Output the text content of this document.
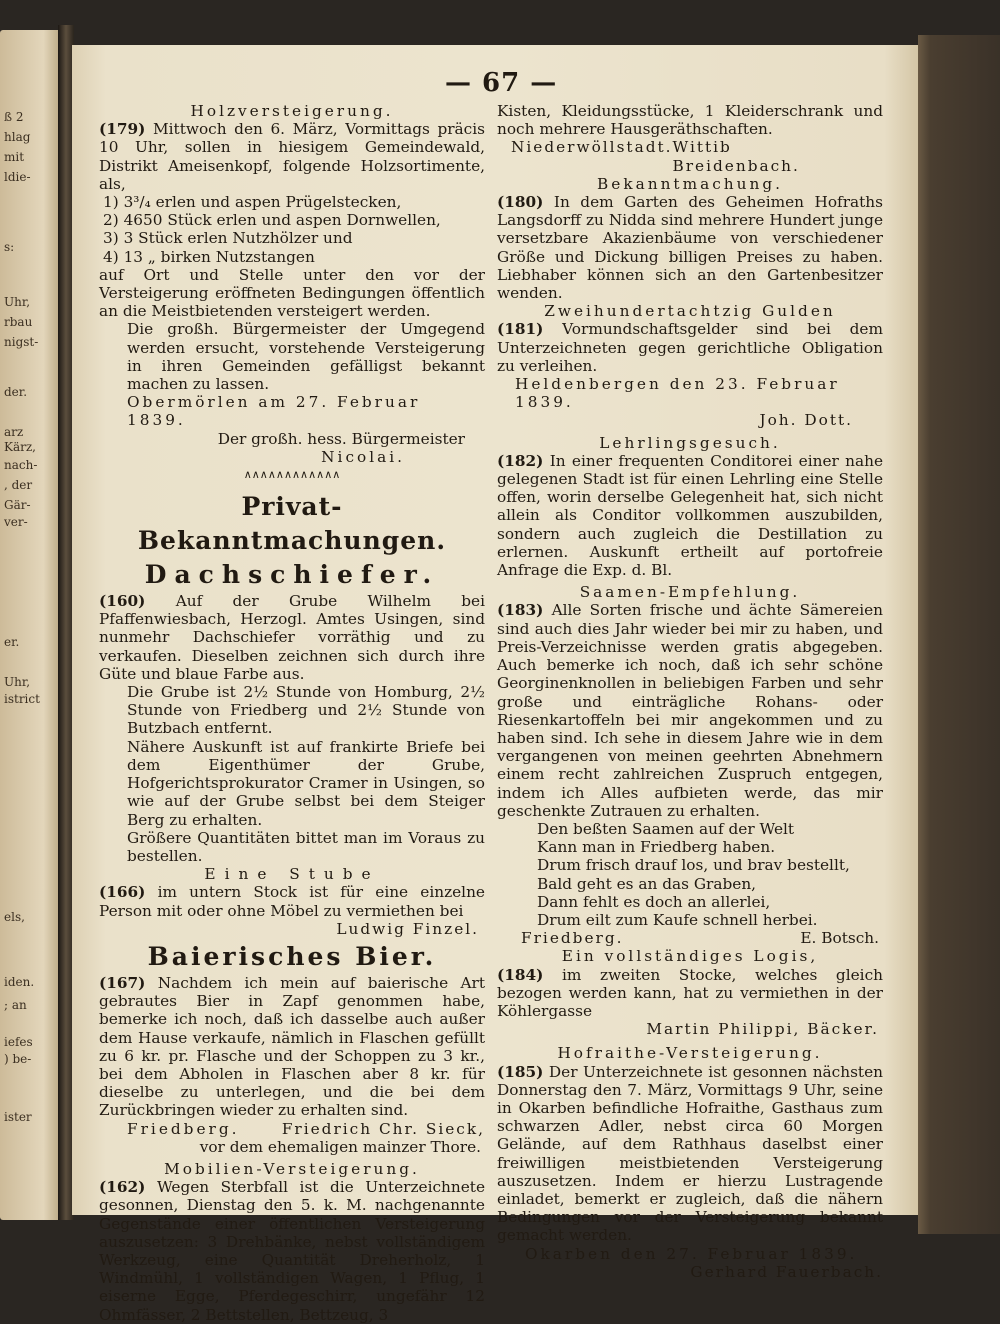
ß 2
hlag
mit
ldie-
s:
Uhr,
rbau
nigst-
der.
arz
Kärz,
nach-
, der
Gär-
ver-
er.
Uhr,
istrict
els,
iden.
; an
iefes
) be-
ister
— 67 —
Holzversteigerung.

(179) Mittwoch den 6. März, Vormittags präcis 10 Uhr, sollen in hiesigem Gemeindewald, Distrikt Ameisenkopf, folgende Holzsortimente, als,

1) 3³/₄ erlen und aspen Prügelstecken,
2) 4650 Stück erlen und aspen Dornwellen,
3) 3 Stück erlen Nutzhölzer und
4) 13 „ birken Nutzstangen

auf Ort und Stelle unter den vor der Versteigerung eröffneten Bedingungen öffentlich an die Meistbietenden versteigert werden.

Die großh. Bürgermeister der Umgegend werden ersucht, vorstehende Versteigerung in ihren Gemeinden gefälligst bekannt machen zu lassen.

Obermörlen am 27. Februar 1839.
Der großh. hess. Bürgermeister
Nicolai.
∧∧∧∧∧∧∧∧∧∧∧∧
Privat-Bekanntmachungen.
Dachschiefer.

(160) Auf der Grube Wilhelm bei Pfaffenwiesbach, Herzogl. Amtes Usingen, sind nunmehr Dachschiefer vorräthig und zu verkaufen. Dieselben zeichnen sich durch ihre Güte und blaue Farbe aus.

Die Grube ist 2½ Stunde von Homburg, 2½ Stunde von Friedberg und 2½ Stunde von Butzbach entfernt.

Nähere Auskunft ist auf frankirte Briefe bei dem Eigenthümer der Grube, Hofgerichtsprokurator Cramer in Usingen, so wie auf der Grube selbst bei dem Steiger Berg zu erhalten.

Größere Quantitäten bittet man im Voraus zu bestellen.

Eine Stube

(166) im untern Stock ist für eine einzelne Person mit oder ohne Möbel zu vermiethen bei

Ludwig Finzel.
Baierisches Bier.

(167) Nachdem ich mein auf baierische Art gebrautes Bier in Zapf genommen habe, bemerke ich noch, daß ich dasselbe auch außer dem Hause verkaufe, nämlich in Flaschen gefüllt zu 6 kr. pr. Flasche und der Schoppen zu 3 kr., bei dem Abholen in Flaschen aber 8 kr. für dieselbe zu unterlegen, und die bei dem Zurückbringen wieder zu erhalten sind.

Friedberg.	Friedrich Chr. Sieck,
vor dem ehemaligen mainzer Thore.
Mobilien-Versteigerung.

(162) Wegen Sterbfall ist die Unterzeichnete gesonnen, Dienstag den 5. k. M. nachgenannte Gegenstände einer öffentlichen Versteigerung auszusetzen: 3 Drehbänke, nebst vollständigem Werkzeug, eine Quantität Dreherholz, 1 Windmühl, 1 vollständigen Wagen, 1 Pflug, 1 eiserne Egge, Pferdegeschirr, ungefähr 12 Ohmfässer, 2 Bettstellen, Bettzeug, 3

Kisten, Kleidungsstücke, 1 Kleiderschrank und noch mehrere Hausgeräthschaften.

Niederwöllstadt. Wittib Breidenbach.
Bekanntmachung.

(180) In dem Garten des Geheimen Hofraths Langsdorff zu Nidda sind mehrere Hundert junge versetzbare Akazienbäume von verschiedener Größe und Dickung billigen Preises zu haben. Liebhaber können sich an den Gartenbesitzer wenden.

Zweihundertachtzig Gulden

(181) Vormundschaftsgelder sind bei dem Unterzeichneten gegen gerichtliche Obligation zu verleihen.

Heldenbergen den 23. Februar 1839.
Joh. Dott.
Lehrlingsgesuch.

(182) In einer frequenten Conditorei einer nahe gelegenen Stadt ist für einen Lehrling eine Stelle offen, worin derselbe Gelegenheit hat, sich nicht allein als Conditor vollkommen auszubilden, sondern auch zugleich die Destillation zu erlernen. Auskunft ertheilt auf portofreie Anfrage die Exp. d. Bl.

Saamen-Empfehlung.

(183) Alle Sorten frische und ächte Sämereien sind auch dies Jahr wieder bei mir zu haben, und Preis-Verzeichnisse werden gratis abgegeben. Auch bemerke ich noch, daß ich sehr schöne Georginenknollen in beliebigen Farben und sehr große und einträgliche Rohans- oder Riesenkartoffeln bei mir angekommen und zu haben sind. Ich sehe in diesem Jahre wie in dem vergangenen von meinen geehrten Abnehmern einem recht zahlreichen Zuspruch entgegen, indem ich Alles aufbieten werde, das mir geschenkte Zutrauen zu erhalten.

Den beßten Saamen auf der Welt
Kann man in Friedberg haben.
Drum frisch drauf los, und brav bestellt,
Bald geht es an das Graben,
Dann fehlt es doch an allerlei,
Drum eilt zum Kaufe schnell herbei.
Friedberg.	E. Botsch.
Ein vollständiges Logis,

(184) im zweiten Stocke, welches gleich bezogen werden kann, hat zu vermiethen in der Köhlergasse

Martin Philippi, Bäcker.
Hofraithe-Versteigerung.

(185) Der Unterzeichnete ist gesonnen nächsten Donnerstag den 7. März, Vormittags 9 Uhr, seine in Okarben befindliche Hofraithe, Gasthaus zum schwarzen Adler, nebst circa 60 Morgen Gelände, auf dem Rathhaus daselbst einer freiwilligen meistbietenden Versteigerung auszusetzen. Indem er hierzu Lustragende einladet, bemerkt er zugleich, daß die nähern Bedingungen vor der Versteigerung bekannt gemacht werden.

Okarben den 27. Februar 1839.
Gerhard Fauerbach.
